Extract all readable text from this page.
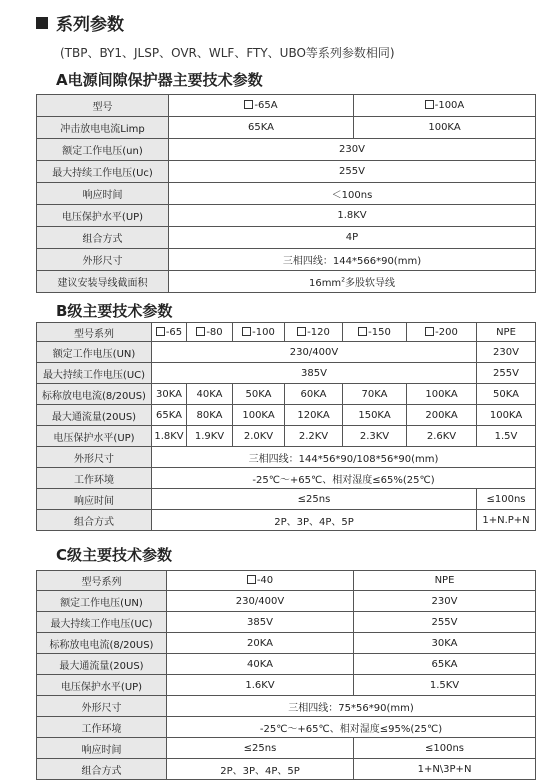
系列参数
(TBP、BY1、JLSP、OVR、WLF、FTY、UBO等系列参数相同)
A电源间隙保护器主要技术参数
型号	-65A	-100A
冲击放电电流Limp	65KA	100KA
额定工作电压(un)	230V	
最大持续工作电压(Uc)	255V	
响应时间	＜100ns	
电压保护水平(UP)	1.8KV	
组合方式	4P	
外形尺寸	三相四线：144*566*90(mm)	
建议安装导线截面积	$16mm^2$多股软导线	
B级主要技术参数
型号系列	-65	-80	-100	-120	-150	-200	NPE
额定工作电压(UN)	230/400V						230V
最大持续工作电压(UC)	385V						255V
标称放电电流(8/20US)	30KA	40KA	50KA	60KA	70KA	100KA	50KA
最大通流量(20US)	65KA	80KA	100KA	120KA	150KA	200KA	100KA
电压保护水平(UP)	1.8KV	1.9KV	2.0KV	2.2KV	2.3KV	2.6KV	1.5V
外形尺寸	三相四线：144*56*90/108*56*90(mm)						
工作环境	-25℃～+65℃、相对湿度≤65%(25℃)						
响应时间	≤25ns						≤100ns
组合方式	2P、3P、4P、5P						1+N.P+N
C级主要技术参数
型号系列	-40	NPE
额定工作电压(UN)	230/400V	230V
最大持续工作电压(UC)	385V	255V
标称放电电流(8/20US)	20KA	30KA
最大通流量(20US)	40KA	65KA
电压保护水平(UP)	1.6KV	1.5KV
外形尺寸	三相四线：75*56*90(mm)	
工作环境	-25℃～+65℃、相对湿度≤95%(25℃)	
响应时间	≤25ns	≤100ns
组合方式	2P、3P、4P、5P	1+N\3P+N
